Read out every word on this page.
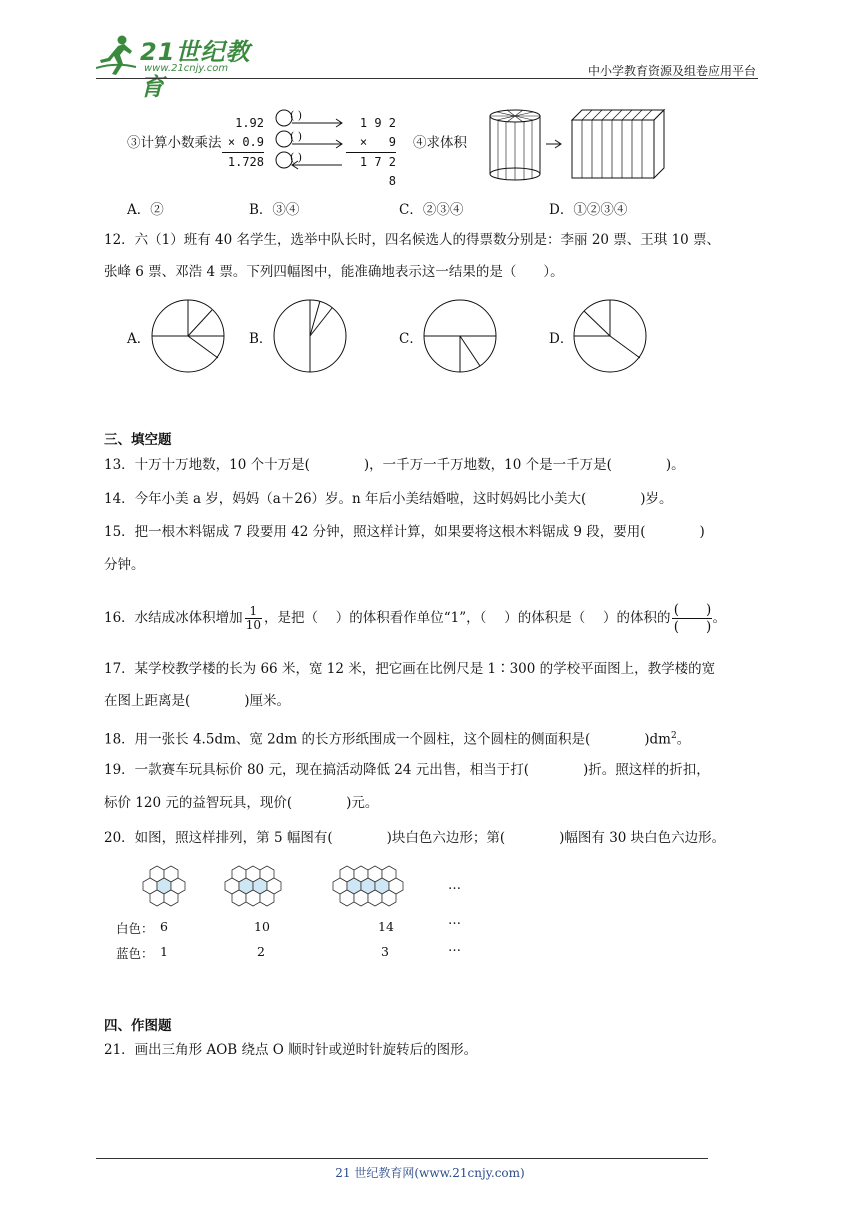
21世纪教育
www.21cnjy.com	中小学教育资源及组卷应用平台
③计算小数乘法
1.92
× 0.9
1.728
( )
( )
( )
1 9 2
×   9
1 7 2 8
④求体积
A．②	B．③④	C．②③④	D．①②③④
12．六（1）班有 40 名学生，选举中队长时，四名候选人的得票数分别是：李丽 20 票、王琪 10 票、
张峰 6 票、邓浩 4 票。下列四幅图中，能准确地表示这一结果的是（　　）。
A．	B．	C．	D．
三、填空题
13．十万十万地数，10 个十万是(　　　　)，一千万一千万地数，10 个是一千万是(　　　　)。
14．今年小美 a 岁，妈妈（a＋26）岁。n 年后小美结婚啦，这时妈妈比小美大(　　　　)岁。
15．把一根木料锯成 7 段要用 42 分钟，照这样计算，如果要将这根木料锯成 9 段，要用(　　　　)
分钟。
16．水结成冰体积增加 $\frac{1}{10}$ ，是把（　 ）的体积看作单位“1”，（　 ）的体积是（　 ）的体积的 $\frac{( )}{( )}$ 。
17．某学校教学楼的长为 66 米，宽 12 米，把它画在比例尺是 1∶300 的学校平面图上，教学楼的宽
在图上距离是(　　　　)厘米。
18．用一张长 4.5dm、宽 2dm 的长方形纸围成一个圆柱，这个圆柱的侧面积是(　　　　)$dm^2$。
19．一款赛车玩具标价 80 元，现在搞活动降低 24 元出售，相当于打(　　　　)折。照这样的折扣，
标价 120 元的益智玩具，现价(　　　　)元。
20．如图，照这样排列，第 5 幅图有(　　　　)块白色六边形；第(　　　　)幅图有 30 块白色六边形。
…
…
…
白色： 6	10	14
蓝色： 1	2	3
四、作图题
21．画出三角形 AOB 绕点 O 顺时针或逆时针旋转后的图形。
21 世纪教育网(www.21cnjy.com)
